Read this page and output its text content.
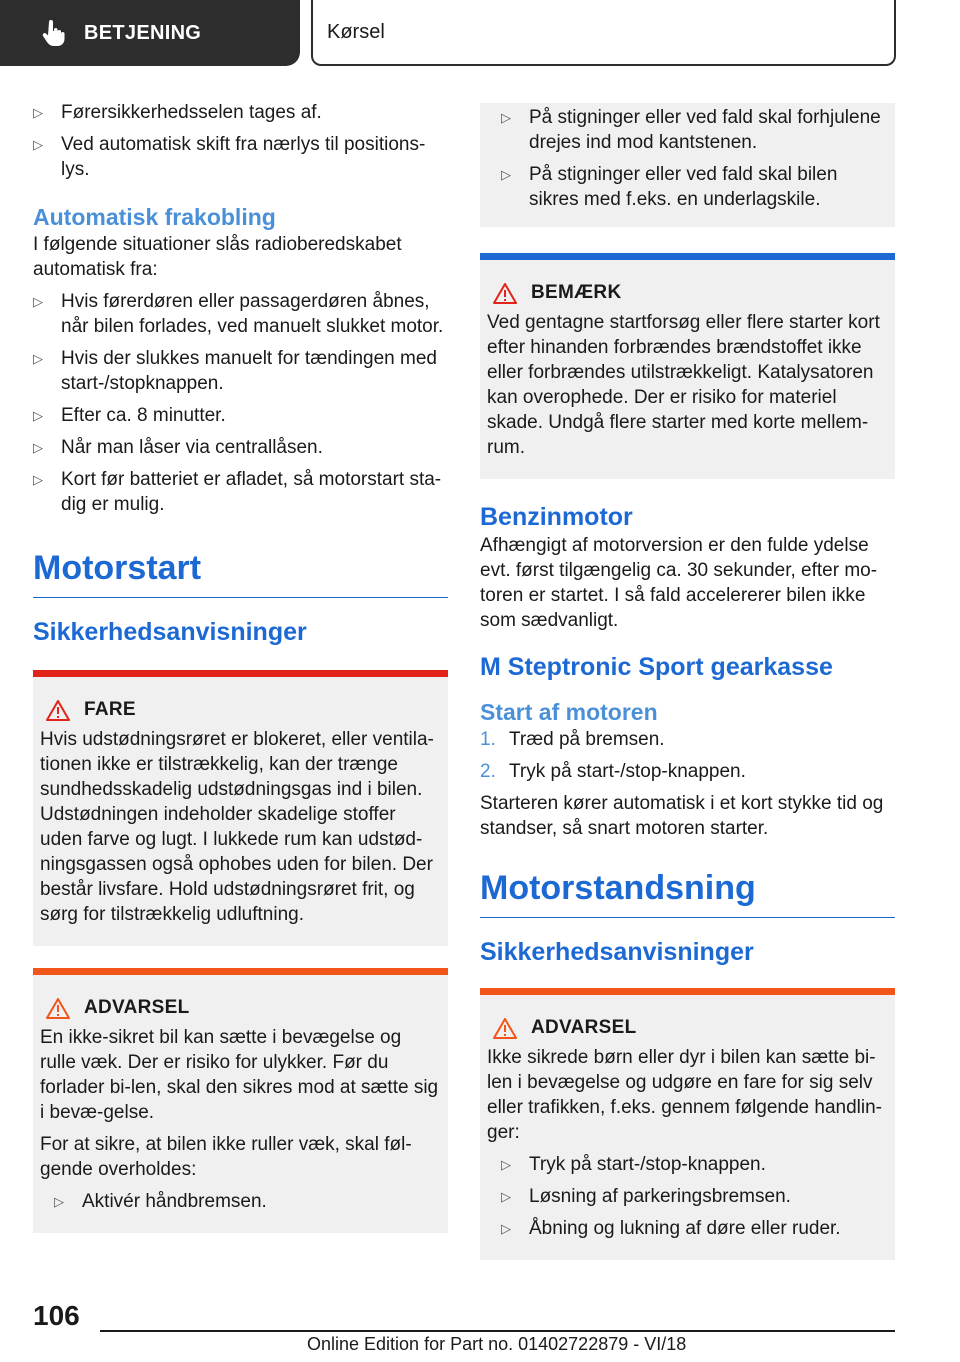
BETJENING	Kørsel
▷ Førersikkerhedsselen tages af.
▷ Ved automatisk skift fra nærlys til positions-lys.
Automatisk frakobling

I følgende situationer slås radioberedskabet automatisk fra:

▷ Hvis førerdøren eller passagerdøren åbnes, når bilen forlades, ved manuelt slukket motor.
▷ Hvis der slukkes manuelt for tændingen med start-/stopknappen.
▷ Efter ca. 8 minutter.
▷ Når man låser via centrallåsen.
▷ Kort før batteriet er afladet, så motorstart sta-dig er mulig.
Motorstart
Sikkerhedsanvisninger
FARE

Hvis udstødningsrøret er blokeret, eller ventila-tionen ikke er tilstrækkelig, kan der trænge sundhedsskadelig udstødningsgas ind i bilen. Udstødningen indeholder skadelige stoffer uden farve og lugt. I lukkede rum kan udstød-ningsgassen også ophobes uden for bilen. Der består livsfare. Hold udstødningsrøret frit, og sørg for tilstrækkelig udluftning.

ADVARSEL

En ikke-sikret bil kan sætte i bevægelse og rulle væk. Der er risiko for ulykker. Før du forlader bi-len, skal den sikres mod at sætte sig i bevæ-gelse.

For at sikre, at bilen ikke ruller væk, skal føl-gende overholdes:

▷ Aktivér håndbremsen.
▷ På stigninger eller ved fald skal forhjulene drejes ind mod kantstenen.
▷ På stigninger eller ved fald skal bilen sikres med f.eks. en underlagskile.
BEMÆRK

Ved gentagne startforsøg eller flere starter kort efter hinanden forbrændes brændstoffet ikke eller forbrændes utilstrækkeligt. Katalysatoren kan overophede. Der er risiko for materiel skade. Undgå flere starter med korte mellem-rum.

Benzinmotor

Afhængigt af motorversion er den fulde ydelse evt. først tilgængelig ca. 30 sekunder, efter mo-toren er startet. I så fald accelererer bilen ikke som sædvanligt.

M Steptronic Sport gearkasse
Start af motoren
1. Træd på bremsen.
2. Tryk på start-/stop-knappen.

Starteren kører automatisk i et kort stykke tid og standser, så snart motoren starter.

Motorstandsning
Sikkerhedsanvisninger
ADVARSEL

Ikke sikrede børn eller dyr i bilen kan sætte bi-len i bevægelse og udgøre en fare for sig selv eller trafikken, f.eks. gennem følgende handlin-ger:

▷ Tryk på start-/stop-knappen.
▷ Løsning af parkeringsbremsen.
▷ Åbning og lukning af døre eller ruder.
106
Online Edition for Part no. 01402722879 - VI/18
